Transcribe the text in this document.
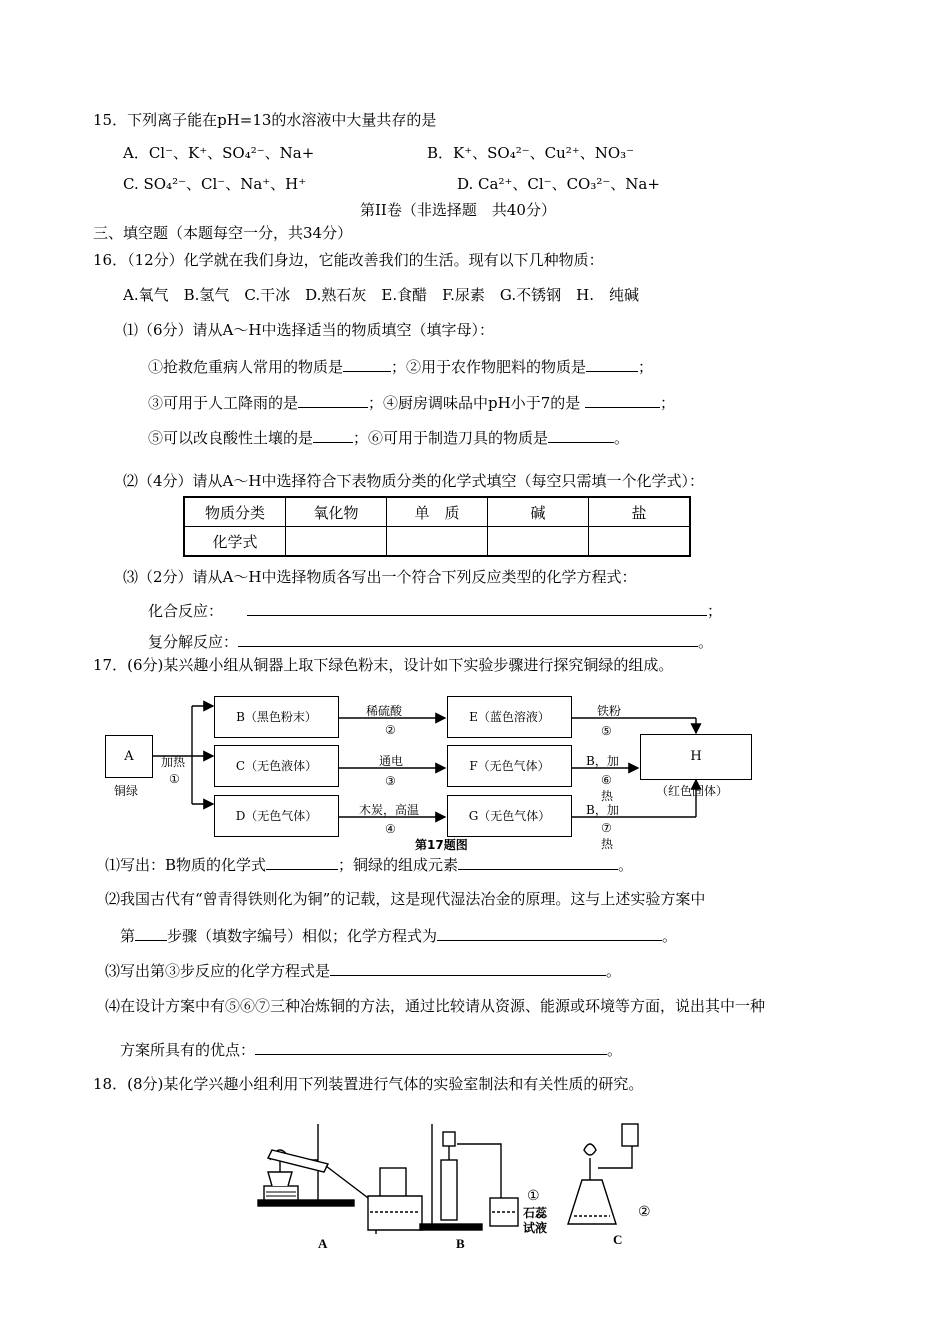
15．下列离子能在pH=13的水溶液中大量共存的是
A．Cl⁻、K⁺、SO₄²⁻、Na+	B．K⁺、SO₄²⁻、Cu²⁺、NO₃⁻
C. SO₄²⁻、Cl⁻、Na⁺、H⁺	D. Ca²⁺、Cl⁻、CO₃²⁻、Na+
第II卷（非选择题　共40分）
三、填空题（本题每空一分，共34分）
16．（12分）化学就在我们身边，它能改善我们的生活。现有以下几种物质：
A.氧气　B.氢气　C.干冰　D.熟石灰　E.食醋　F.尿素　G.不锈钢　H.　纯碱
⑴（6分）请从A～H中选择适当的物质填空（填字母）：
①抢救危重病人常用的物质是	；②用于农作物肥料的物质是	；
③可用于人工降雨的是	；④厨房调味品中pH小于7的是	；
⑤可以改良酸性土壤的是	；⑥可用于制造刀具的物质是	。
⑵（4分）请从A～H中选择符合下表物质分类的化学式填空（每空只需填一个化学式）：
物质分类	氧化物	单　质	碱	盐
化学式				
⑶（2分）请从A～H中选择物质各写出一个符合下列反应类型的化学方程式：
化合反应：	；
复分解反应：	。
17．(6分)某兴趣小组从铜器上取下绿色粉末，设计如下实验步骤进行探究铜绿的组成。
A
铜绿
加热
①
B（黑色粉末）
C（无色液体）
D（无色气体）
E（蓝色溶液）
F（无色气体）
G（无色气体）
H
（红色固体）
稀硫酸
②
通电
③
木炭，高温
④
铁粉
⑤
B，加
⑥
热
B，加
⑦
热
第17题图
⑴写出：B物质的化学式	；铜绿的组成元素	。
⑵我国古代有“曾青得铁则化为铜”的记载，这是现代湿法冶金的原理。这与上述实验方案中
第 步骤（填数字编号）相似；化学方程式为	。
⑶写出第③步反应的化学方程式是	。
⑷在设计方案中有⑤⑥⑦三种冶炼铜的方法，通过比较请从资源、能源或环境等方面，说出其中一种
方案所具有的优点：	。
18．(8分)某化学兴趣小组利用下列装置进行气体的实验室制法和有关性质的研究。
A	B	C
①
石蕊
试液
②
